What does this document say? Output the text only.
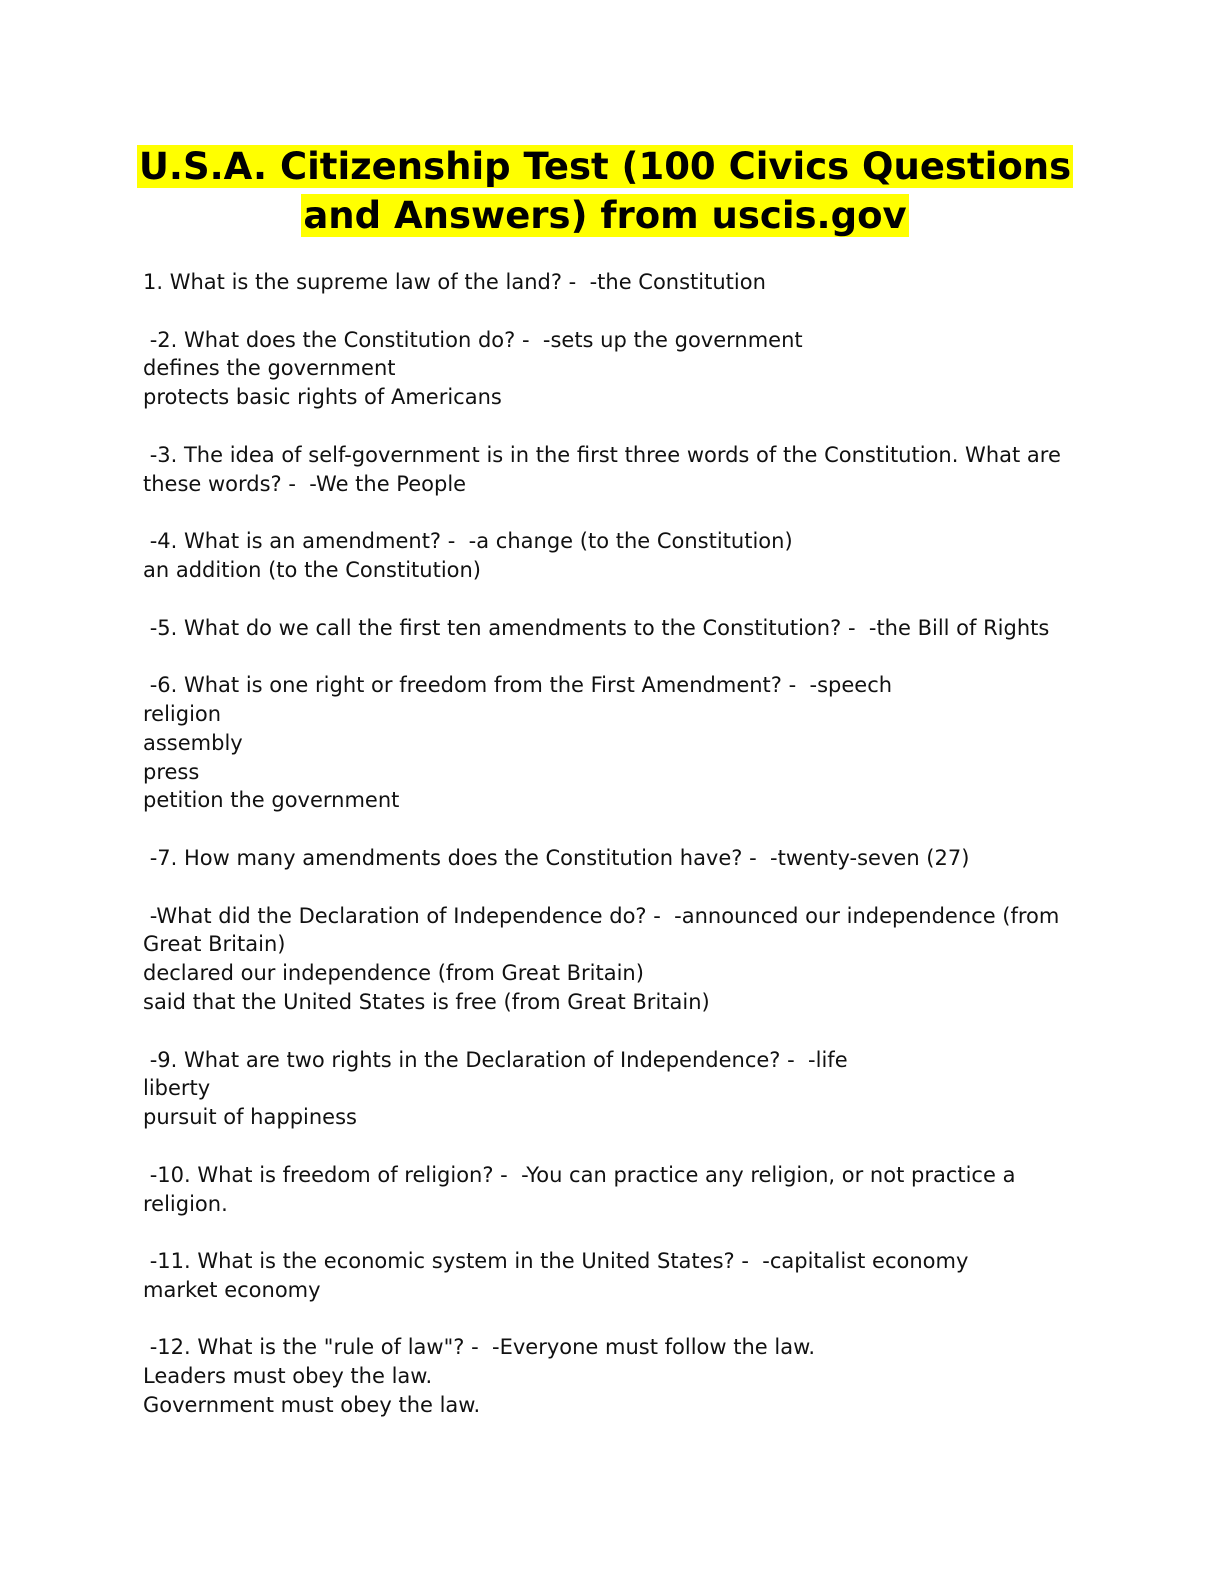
U.S.A. Citizenship Test (100 Civics Questions
and Answers) from uscis.gov
1. What is the supreme law of the land? -  -the Constitution
-2. What does the Constitution do? -  -sets up the government
defines the government
protects basic rights of Americans
-3. The idea of self-government is in the first three words of the Constitution. What are
these words? -  -We the People
-4. What is an amendment? -  -a change (to the Constitution)
an addition (to the Constitution)
-5. What do we call the first ten amendments to the Constitution? -  -the Bill of Rights
-6. What is one right or freedom from the First Amendment? -  -speech
religion
assembly
press
petition the government
-7. How many amendments does the Constitution have? -  -twenty-seven (27)
-What did the Declaration of Independence do? -  -announced our independence (from
Great Britain)
declared our independence (from Great Britain)
said that the United States is free (from Great Britain)
-9. What are two rights in the Declaration of Independence? -  -life
liberty
pursuit of happiness
-10. What is freedom of religion? -  -You can practice any religion, or not practice a
religion.
-11. What is the economic system in the United States? -  -capitalist economy
market economy
-12. What is the "rule of law"? -  -Everyone must follow the law.
Leaders must obey the law.
Government must obey the law.
